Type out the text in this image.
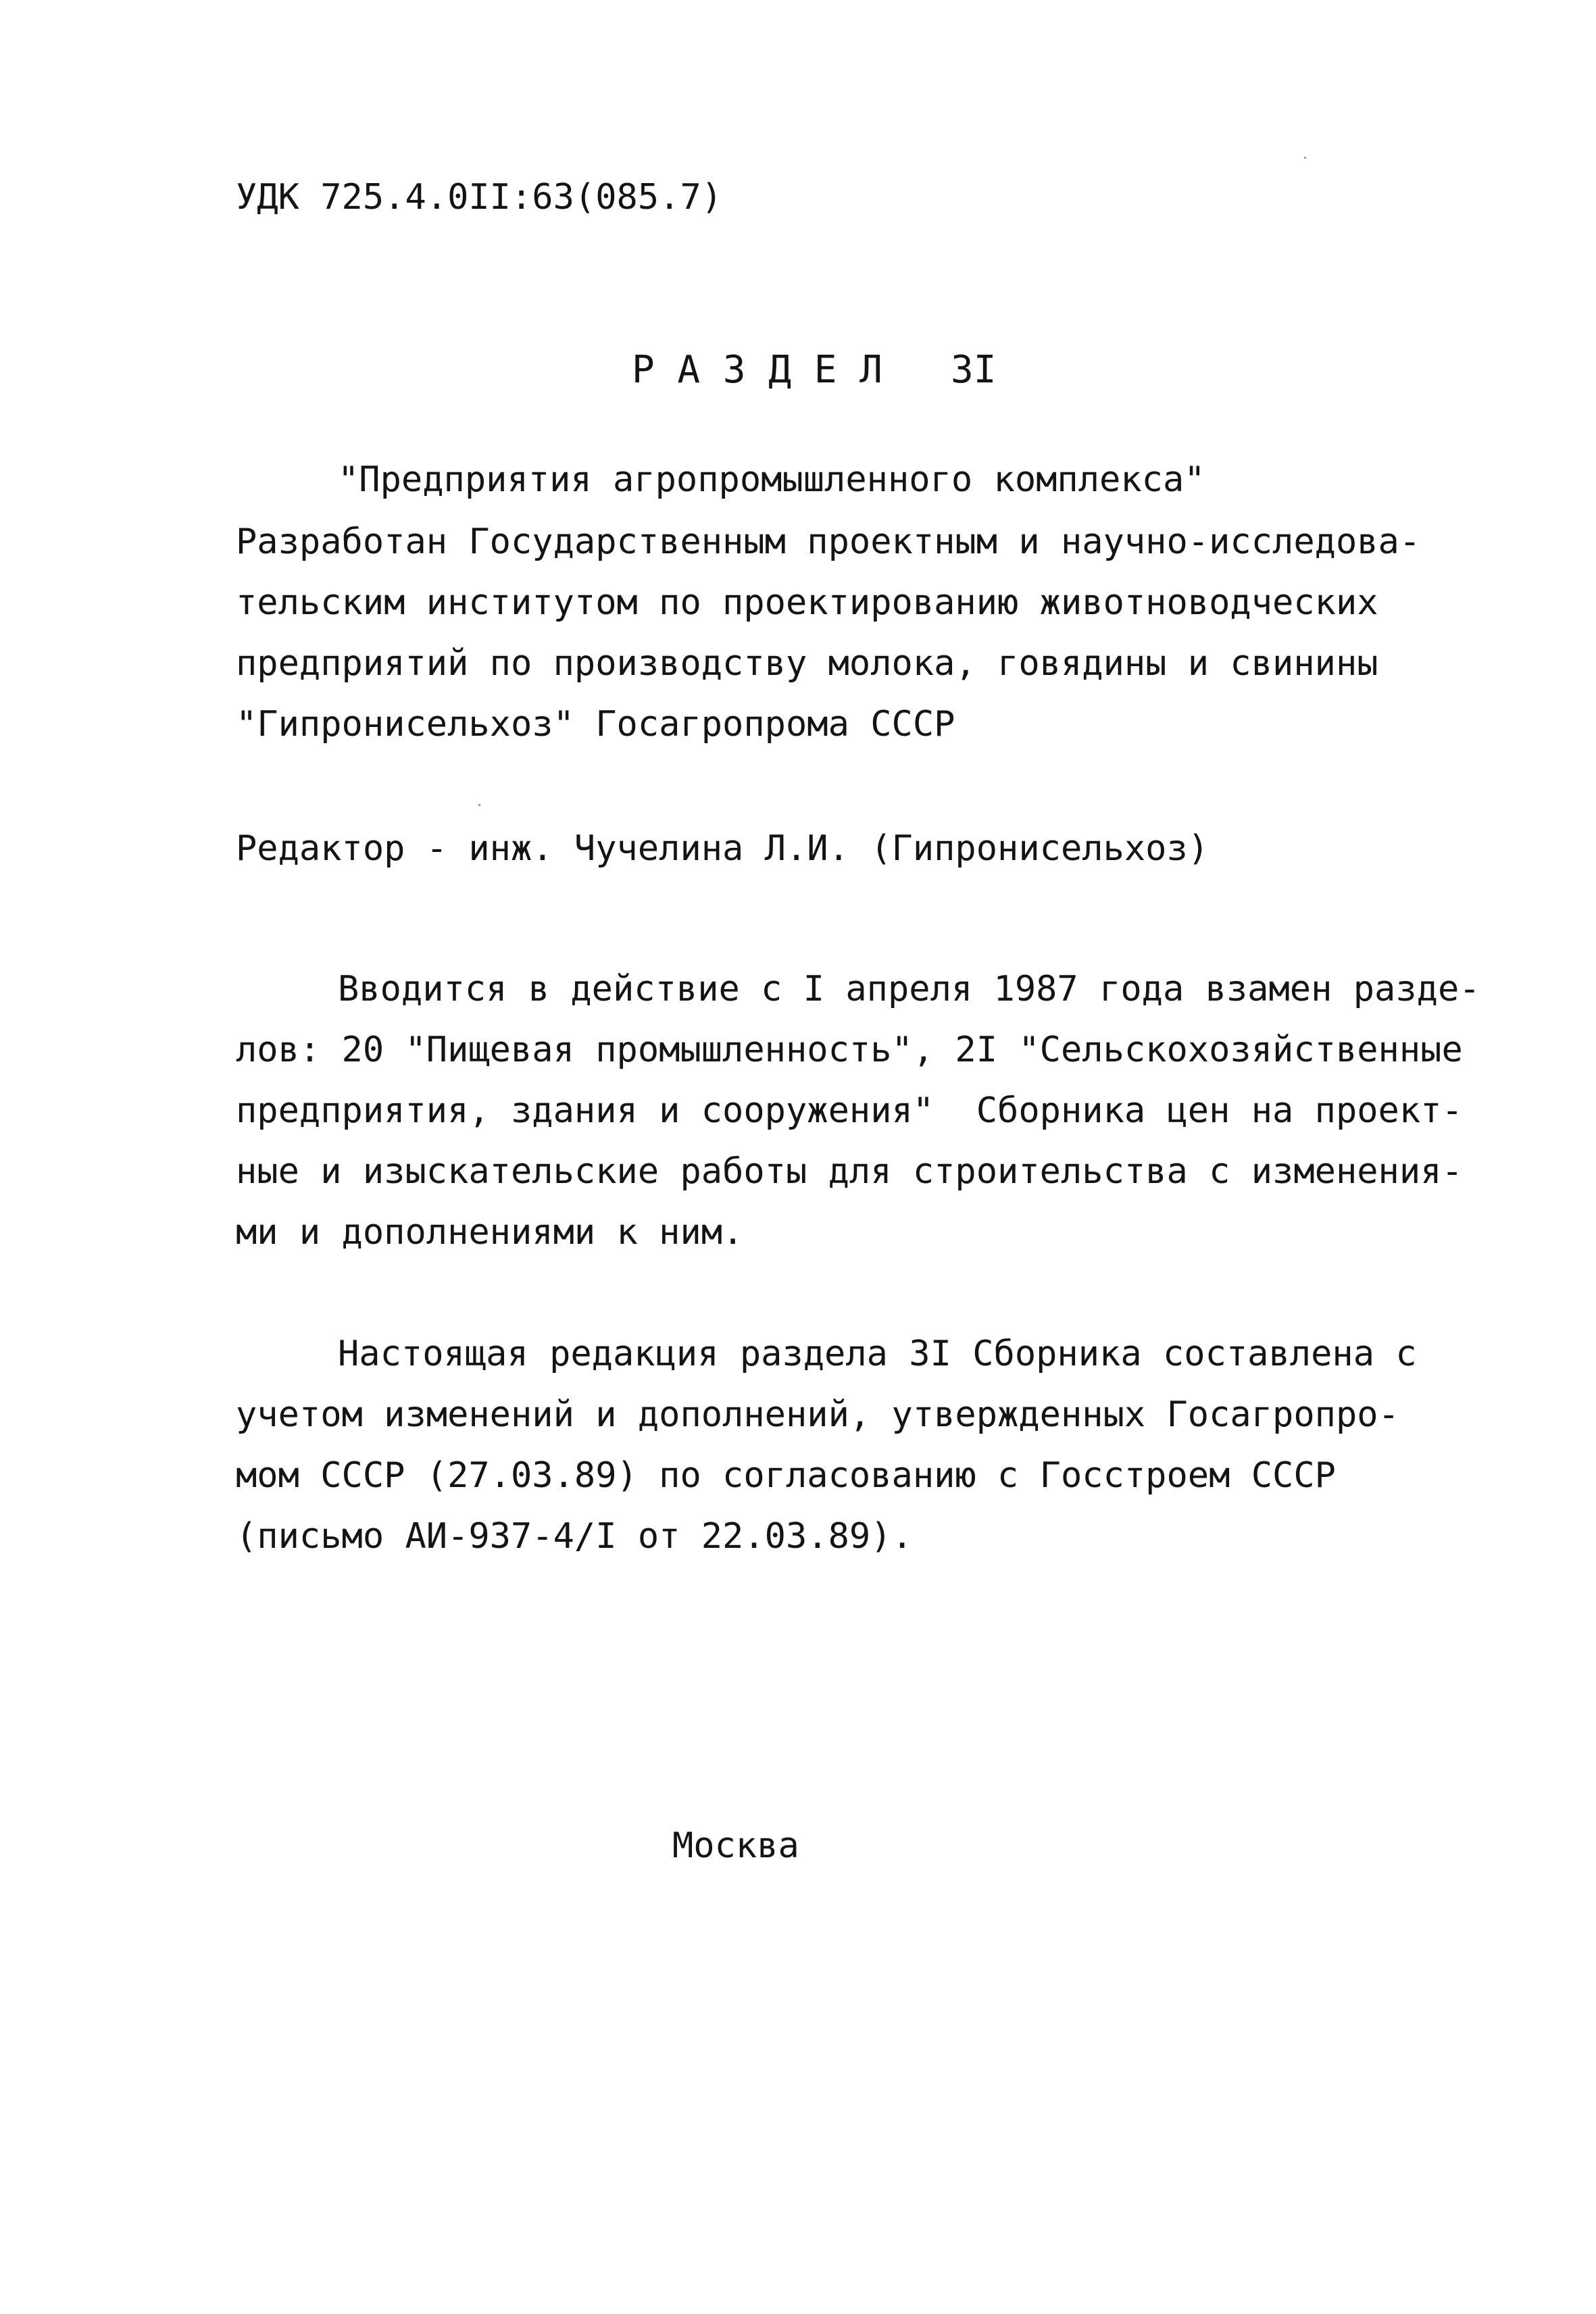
УДК 725.4.0II:63(085.7)
Р А З Д Е Л   3I
"Предприятия агропромышленного комплекса"
Разработан Государственным проектным и научно-исследова-
тельским институтом по проектированию животноводческих
предприятий по производству молока, говядины и свинины
"Гипронисельхоз" Госагропрома СССР
Редактор - инж. Чучелина Л.И. (Гипронисельхоз)
Вводится в действие с I апреля 1987 года взамен разде-
лов: 20 "Пищевая промышленность", 2I "Сельскохозяйственные
предприятия, здания и сооружения"  Сборника цен на проект-
ные и изыскательские работы для строительства с изменения-
ми и дополнениями к ним.
Настоящая редакция раздела 3I Сборника составлена с
учетом изменений и дополнений, утвержденных Госагропро-
мом СССР (27.03.89) по согласованию с Госстроем СССР
(письмо АИ-937-4/I от 22.03.89).
Москва
